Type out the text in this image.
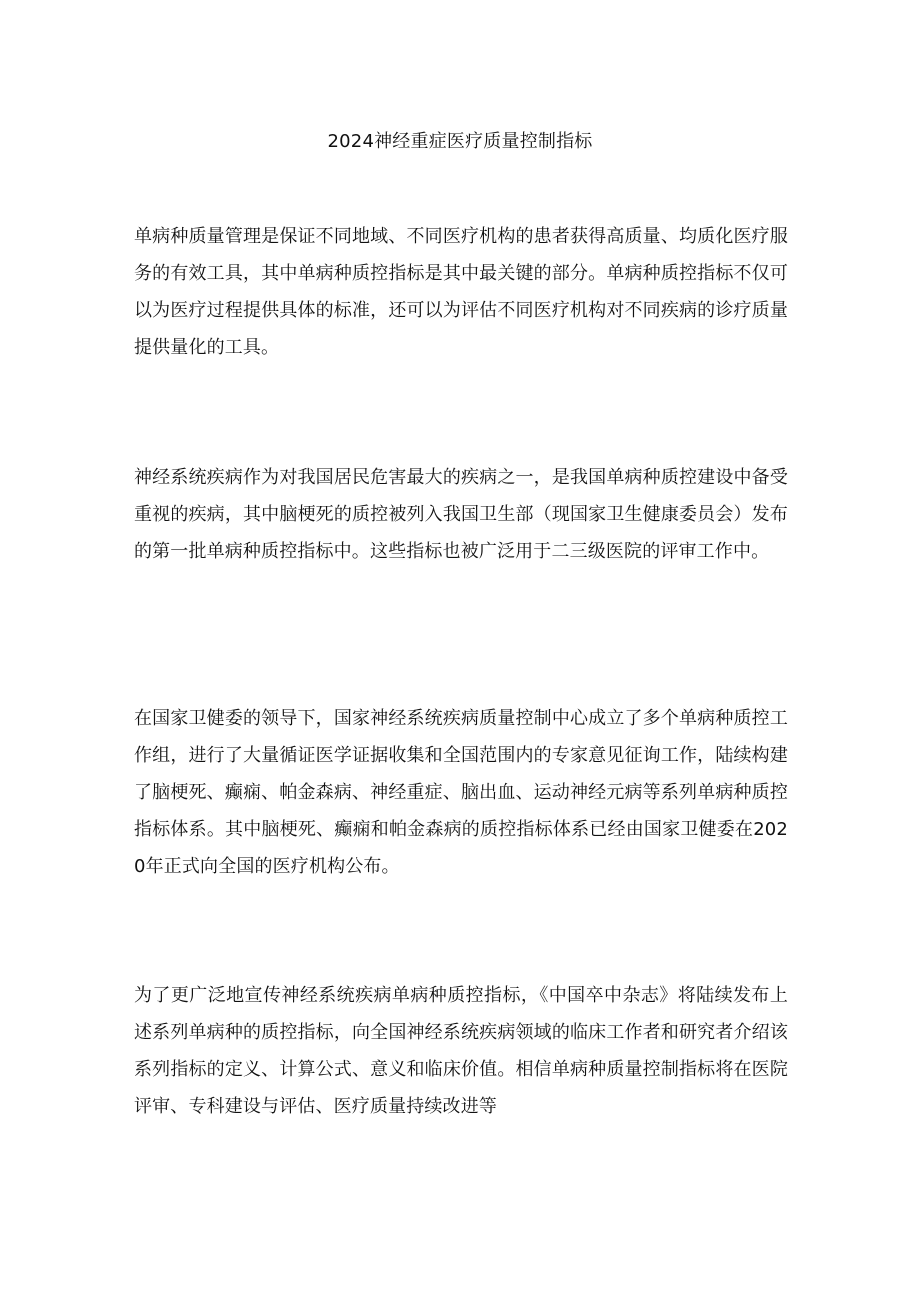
2024神经重症医疗质量控制指标

单病种质量管理是保证不同地域、不同医疗机构的患者获得高质量、均质化医疗服务的有效工具，其中单病种质控指标是其中最关键的部分。单病种质控指标不仅可以为医疗过程提供具体的标准，还可以为评估不同医疗机构对不同疾病的诊疗质量提供量化的工具。

神经系统疾病作为对我国居民危害最大的疾病之一，是我国单病种质控建设中备受重视的疾病，其中脑梗死的质控被列入我国卫生部（现国家卫生健康委员会）发布的第一批单病种质控指标中。这些指标也被广泛用于二三级医院的评审工作中。

在国家卫健委的领导下，国家神经系统疾病质量控制中心成立了多个单病种质控工作组，进行了大量循证医学证据收集和全国范围内的专家意见征询工作，陆续构建了脑梗死、癫痫、帕金森病、神经重症、脑出血、运动神经元病等系列单病种质控指标体系。其中脑梗死、癫痫和帕金森病的质控指标体系已经由国家卫健委在2020年正式向全国的医疗机构公布。

为了更广泛地宣传神经系统疾病单病种质控指标，《中国卒中杂志》将陆续发布上述系列单病种的质控指标，向全国神经系统疾病领域的临床工作者和研究者介绍该系列指标的定义、计算公式、意义和临床价值。相信单病种质量控制指标将在医院评审、专科建设与评估、医疗质量持续改进等
